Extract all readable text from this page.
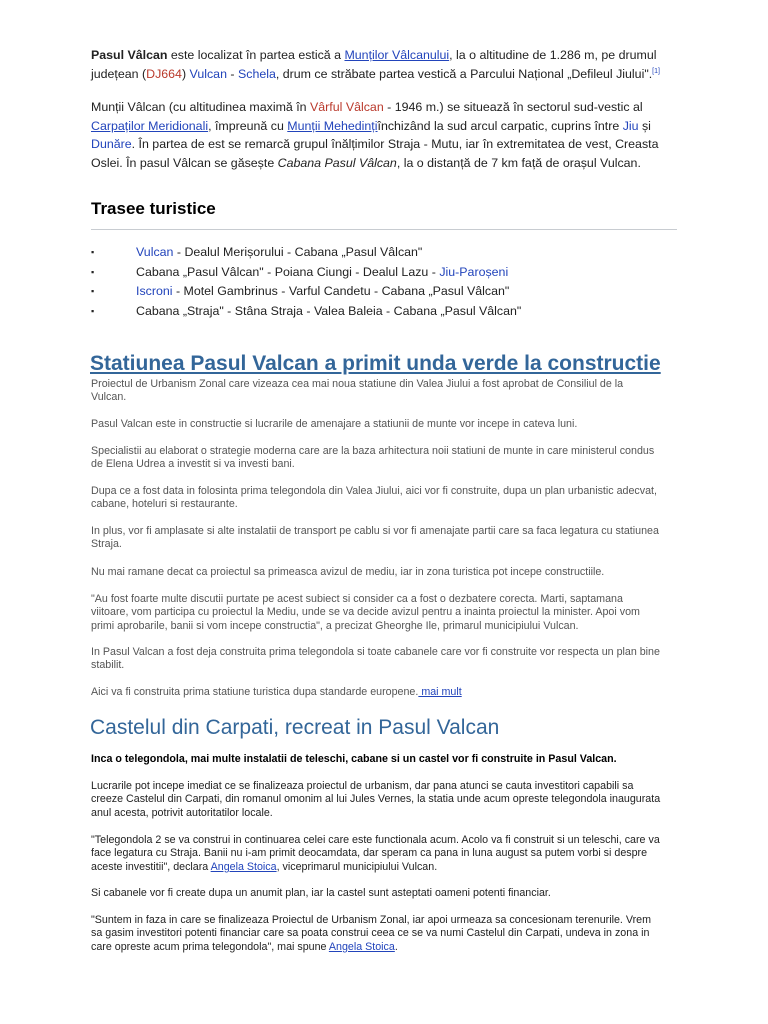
Pasul Vâlcan este localizat în partea estică a Munților Vâlcanului, la o altitudine de 1.286 m, pe drumul județean (DJ664) Vulcan - Schela, drum ce străbate partea vestică a Parcului Național „Defileul Jiului".[1]

Munții Vâlcan (cu altitudinea maximă în Vârful Vâlcan - 1946 m.) se situează în sectorul sud-vestic al Carpaților Meridionali, împreună cu Munții Mehedințiînchizând la sud arcul carpatic, cuprins între Jiu și Dunăre. În partea de est se remarcă grupul înălțimilor Straja - Mutu, iar în extremitatea de vest, Creasta Oslei. În pasul Vâlcan se găsește Cabana Pasul Vâlcan, la o distanță de 7 km față de orașul Vulcan.

Trasee turistice
▪	Vulcan - Dealul Merișorului - Cabana „Pasul Vâlcan"
▪	Cabana „Pasul Vâlcan" - Poiana Ciungi - Dealul Lazu - Jiu-Paroșeni
▪	Iscroni - Motel Gambrinus - Varful Candetu - Cabana „Pasul Vâlcan"
▪	Cabana „Straja" - Stâna Straja - Valea Baleia - Cabana „Pasul Vâlcan"
Statiunea Pasul Valcan a primit unda verde la constructie

Proiectul de Urbanism Zonal care vizeaza cea mai noua statiune din Valea Jiului a fost aprobat de Consiliul de la Vulcan.

Pasul Valcan este in constructie si lucrarile de amenajare a statiunii de munte vor incepe in cateva luni.

Specialistii au elaborat o strategie moderna care are la baza arhitectura noii statiuni de munte in care ministerul condus de Elena Udrea a investit si va investi bani.

Dupa ce a fost data in folosinta prima telegondola din Valea Jiului, aici vor fi construite, dupa un plan urbanistic adecvat, cabane, hoteluri si restaurante.

In plus, vor fi amplasate si alte instalatii de transport pe cablu si vor fi amenajate partii care sa faca legatura cu statiunea Straja.

Nu mai ramane decat ca proiectul sa primeasca avizul de mediu, iar in zona turistica pot incepe constructiile.

"Au fost foarte multe discutii purtate pe acest subiect si consider ca a fost o dezbatere corecta. Marti, saptamana viitoare, vom participa cu proiectul la Mediu, unde se va decide avizul pentru a inainta proiectul la minister. Apoi vom primi aprobarile, banii si vom incepe constructia", a precizat Gheorghe Ile, primarul municipiului Vulcan.

In Pasul Valcan a fost deja construita prima telegondola si toate cabanele care vor fi construite vor respecta un plan bine stabilit.

Aici va fi construita prima statiune turistica dupa standarde europene. mai mult

Castelul din Carpati, recreat in Pasul Valcan

Inca o telegondola, mai multe instalatii de teleschi, cabane si un castel vor fi construite in Pasul Valcan.

Lucrarile pot incepe imediat ce se finalizeaza proiectul de urbanism, dar pana atunci se cauta investitori capabili sa creeze Castelul din Carpati, din romanul omonim al lui Jules Vernes, la statia unde acum opreste telegondola inaugurata anul acesta, potrivit autoritatilor locale.

"Telegondola 2 se va construi in continuarea celei care este functionala acum. Acolo va fi construit si un teleschi, care va face legatura cu Straja. Banii nu i-am primit deocamdata, dar speram ca pana in luna august sa putem vorbi si despre aceste investitii", declara Angela Stoica, viceprimarul municipiului Vulcan.

Si cabanele vor fi create dupa un anumit plan, iar la castel sunt asteptati oameni potenti financiar.

"Suntem in faza in care se finalizeaza Proiectul de Urbanism Zonal, iar apoi urmeaza sa concesionam terenurile. Vrem sa gasim investitori potenti financiar care sa poata construi ceea ce se va numi Castelul din Carpati, undeva in zona in care opreste acum prima telegondola", mai spune Angela Stoica.
